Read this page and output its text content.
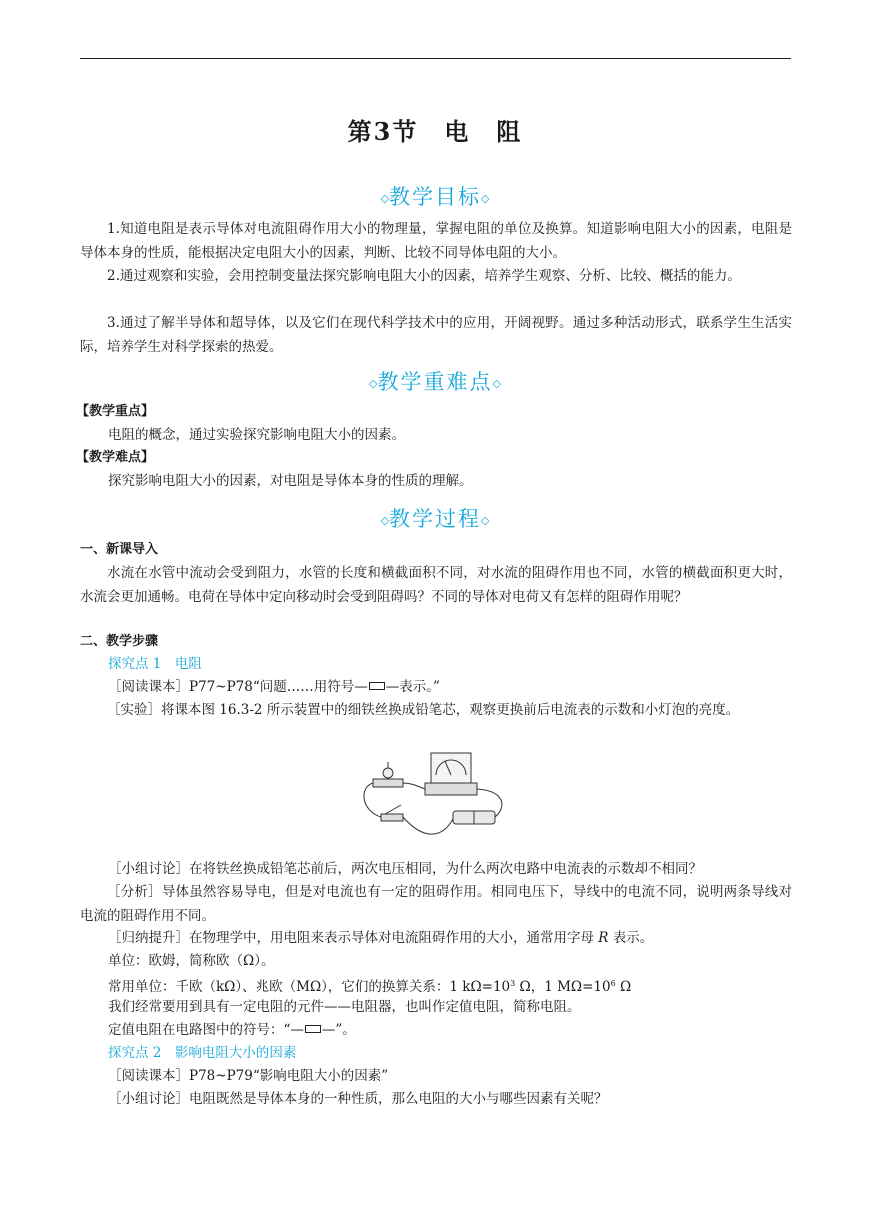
第3节　电　阻
◇教学目标◇

1.知道电阻是表示导体对电流阻碍作用大小的物理量，掌握电阻的单位及换算。知道影响电阻大小的因素，电阻是导体本身的性质，能根据决定电阻大小的因素，判断、比较不同导体电阻的大小。

2.通过观察和实验，会用控制变量法探究影响电阻大小的因素，培养学生观察、分析、比较、概括的能力。

3.通过了解半导体和超导体，以及它们在现代科学技术中的应用，开阔视野。通过多种活动形式，联系学生生活实际，培养学生对科学探索的热爱。

◇教学重难点◇
【教学重点】
电阻的概念，通过实验探究影响电阻大小的因素。
【教学难点】
探究影响电阻大小的因素，对电阻是导体本身的性质的理解。
◇教学过程◇
一、新课导入

水流在水管中流动会受到阻力，水管的长度和横截面积不同，对水流的阻碍作用也不同，水管的横截面积更大时，水流会更加通畅。电荷在导体中定向移动时会受到阻碍吗？不同的导体对电荷又有怎样的阻碍作用呢？

二、教学步骤
探究点 1　电阻
［阅读课本］P77~P78“问题……用符号— —表示。”

［实验］将课本图 16.3-2 所示装置中的细铁丝换成铅笔芯，观察更换前后电流表的示数和小灯泡的亮度。

［小组讨论］在将铁丝换成铅笔芯前后，两次电压相同，为什么两次电路中电流表的示数却不相同？

［分析］导体虽然容易导电，但是对电流也有一定的阻碍作用。相同电压下，导线中的电流不同，说明两条导线对电流的阻碍作用不同。

［归纳提升］在物理学中，用电阻来表示导体对电流阻碍作用的大小，通常用字母 R 表示。
单位：欧姆，简称欧（Ω）。
常用单位：千欧（kΩ）、兆欧（MΩ），它们的换算关系：1 $k\Omega=10^3$ Ω，1 $M\Omega=10^6$ Ω
我们经常要用到具有一定电阻的元件——电阻器，也叫作定值电阻，简称电阻。
定值电阻在电路图中的符号：“— —”。
探究点 2　影响电阻大小的因素
［阅读课本］P78~P79“影响电阻大小的因素”
［小组讨论］电阻既然是导体本身的一种性质，那么电阻的大小与哪些因素有关呢？
